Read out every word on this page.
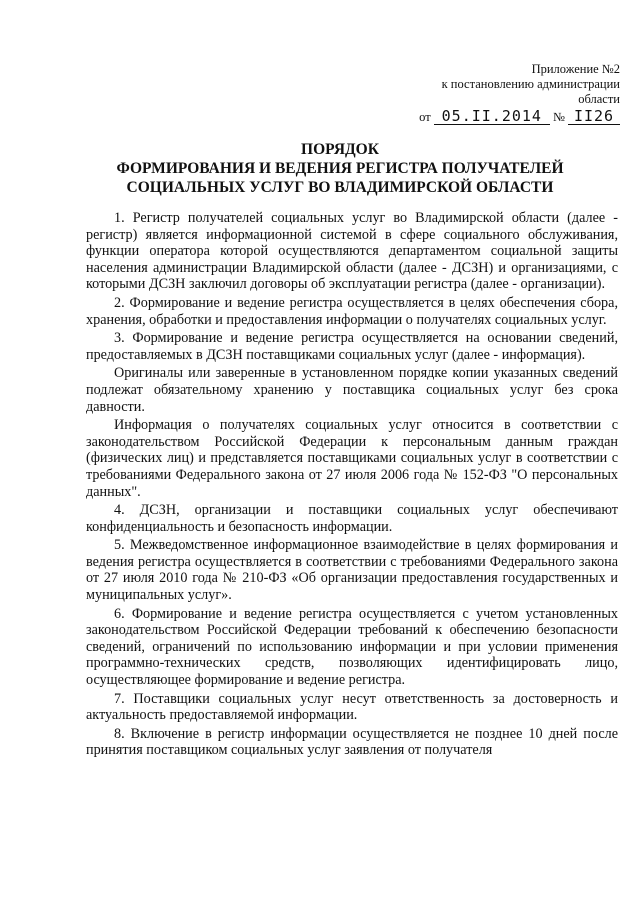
Приложение №2
к постановлению администрации
области
от 05.II.2014 № II26
ПОРЯДОК
ФОРМИРОВАНИЯ И ВЕДЕНИЯ РЕГИСТРА ПОЛУЧАТЕЛЕЙ
СОЦИАЛЬНЫХ УСЛУГ ВО ВЛАДИМИРСКОЙ ОБЛАСТИ

1. Регистр получателей социальных услуг во Владимирской области (далее - регистр) является информационной системой в сфере социального обслуживания, функции оператора которой осуществляются департаментом социальной защиты населения администрации Владимирской области (далее - ДСЗН) и организациями, с которыми ДСЗН заключил договоры об эксплуатации регистра (далее - организации).

2. Формирование и ведение регистра осуществляется в целях обеспечения сбора, хранения, обработки и предоставления информации о получателях социальных услуг.

3. Формирование и ведение регистра осуществляется на основании сведений, предоставляемых в ДСЗН поставщиками социальных услуг (далее - информация).

Оригиналы или заверенные в установленном порядке копии указанных сведений подлежат обязательному хранению у поставщика социальных услуг без срока давности.

Информация о получателях социальных услуг относится в соответствии с законодательством Российской Федерации к персональным данным граждан (физических лиц) и представляется поставщиками социальных услуг в соответствии с требованиями Федерального закона от 27 июля 2006 года № 152-ФЗ "О персональных данных".

4. ДСЗН, организации и поставщики социальных услуг обеспечивают конфиденциальность и безопасность информации.

5. Межведомственное информационное взаимодействие в целях формирования и ведения регистра осуществляется в соответствии с требованиями Федерального закона от 27 июля 2010 года № 210-ФЗ «Об организации предоставления государственных и муниципальных услуг».

6. Формирование и ведение регистра осуществляется с учетом установленных законодательством Российской Федерации требований к обеспечению безопасности сведений, ограничений по использованию информации и при условии применения программно-технических средств, позволяющих идентифицировать лицо, осуществляющее формирование и ведение регистра.

7. Поставщики социальных услуг несут ответственность за достоверность и актуальность предоставляемой информации.

8. Включение в регистр информации осуществляется не позднее 10 дней после принятия поставщиком социальных услуг заявления от получателя
